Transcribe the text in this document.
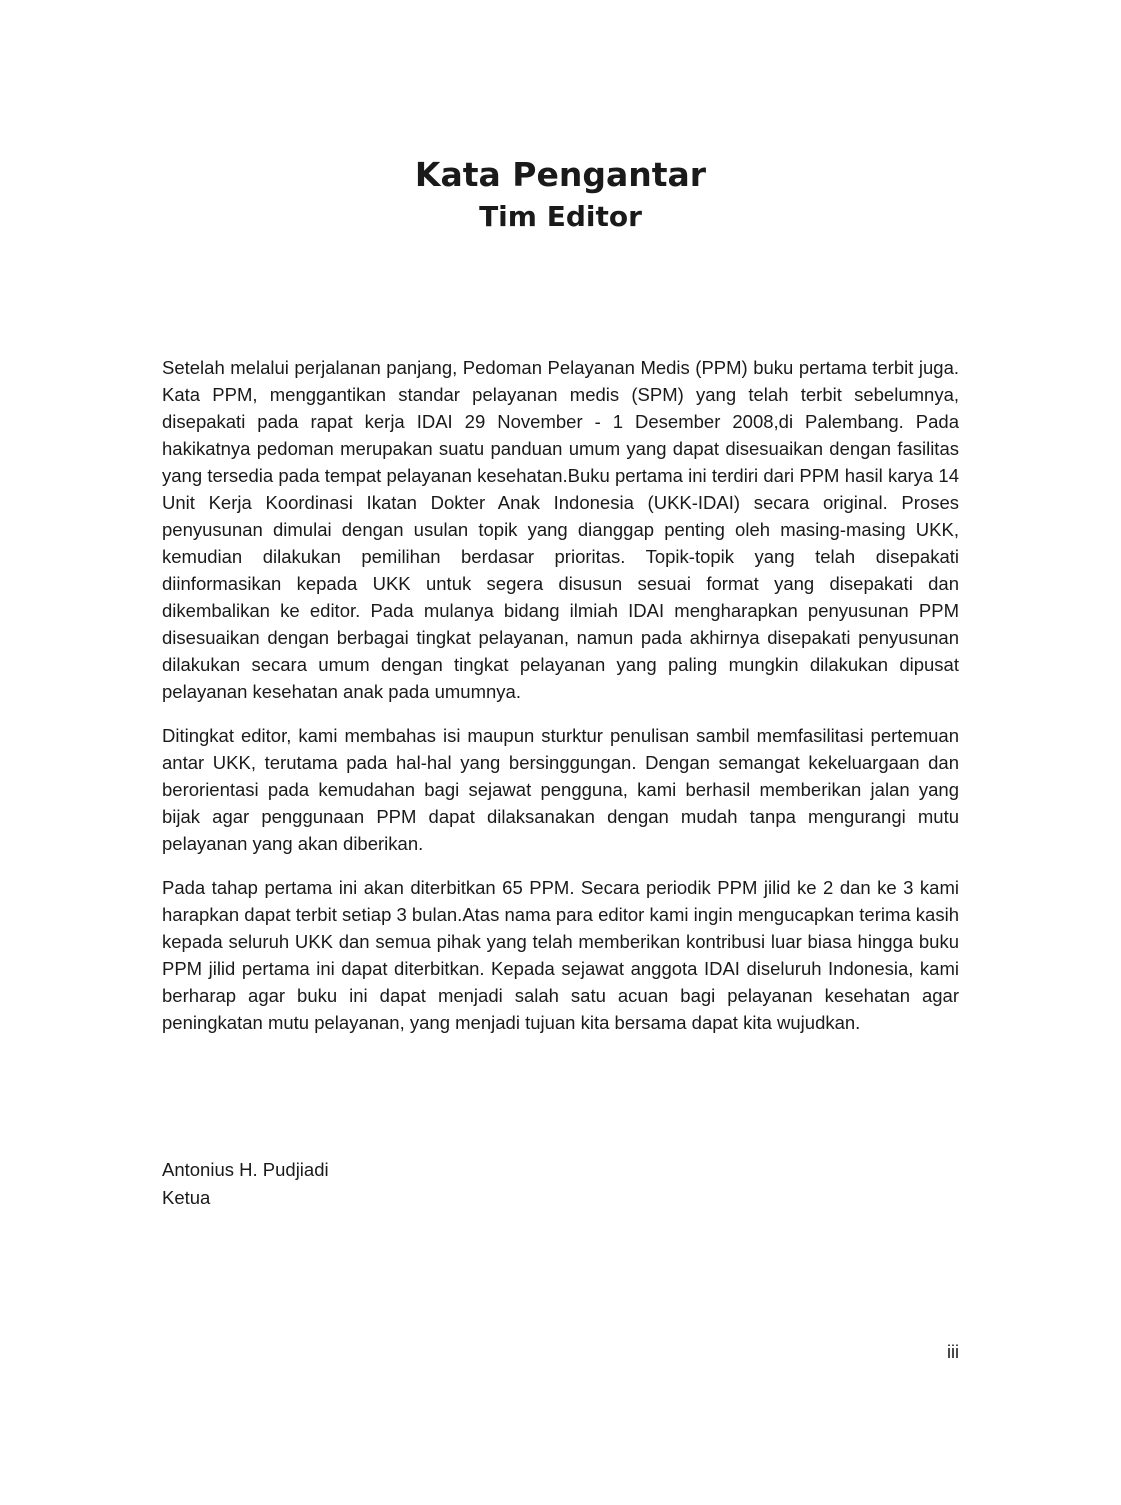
Kata Pengantar
Tim Editor

Setelah melalui perjalanan panjang, Pedoman Pelayanan Medis (PPM) buku pertama terbit juga. Kata PPM, menggantikan standar pelayanan medis (SPM) yang telah terbit sebelumnya, disepakati pada rapat kerja IDAI 29 November - 1 Desember 2008,di Palembang. Pada hakikatnya pedoman merupakan suatu panduan umum yang dapat disesuaikan dengan fasilitas yang tersedia pada tempat pelayanan kesehatan.Buku pertama ini terdiri dari PPM hasil karya 14 Unit Kerja Koordinasi Ikatan Dokter Anak Indonesia (UKK-IDAI) secara original. Proses penyusunan dimulai dengan usulan topik yang dianggap penting oleh masing-masing UKK, kemudian dilakukan pemilihan berdasar prioritas. Topik-topik yang telah disepakati diinformasikan kepada UKK untuk segera disusun sesuai format yang disepakati dan dikembalikan ke editor. Pada mulanya bidang ilmiah IDAI mengharapkan penyusunan PPM disesuaikan dengan berbagai tingkat pelayanan, namun pada akhirnya disepakati penyusunan dilakukan secara umum dengan tingkat pelayanan yang paling mungkin dilakukan dipusat pelayanan kesehatan anak pada umumnya.

Ditingkat editor, kami membahas isi maupun sturktur penulisan sambil memfasilitasi pertemuan antar UKK, terutama pada hal-hal yang bersinggungan. Dengan semangat kekeluargaan dan berorientasi pada kemudahan bagi sejawat pengguna, kami berhasil memberikan jalan yang bijak agar penggunaan PPM dapat dilaksanakan dengan mudah tanpa mengurangi mutu pelayanan yang akan diberikan.

Pada tahap pertama ini akan diterbitkan 65 PPM. Secara periodik PPM jilid ke 2 dan ke 3 kami harapkan dapat terbit setiap 3 bulan.Atas nama para editor kami ingin mengucapkan terima kasih kepada seluruh UKK dan semua pihak yang telah memberikan kontribusi luar biasa hingga buku PPM jilid pertama ini dapat diterbitkan. Kepada sejawat anggota IDAI diseluruh Indonesia, kami berharap agar buku ini dapat menjadi salah satu acuan bagi pelayanan kesehatan agar peningkatan mutu pelayanan, yang menjadi tujuan kita bersama dapat kita wujudkan.

Antonius H. Pudjiadi

Ketua

iii
